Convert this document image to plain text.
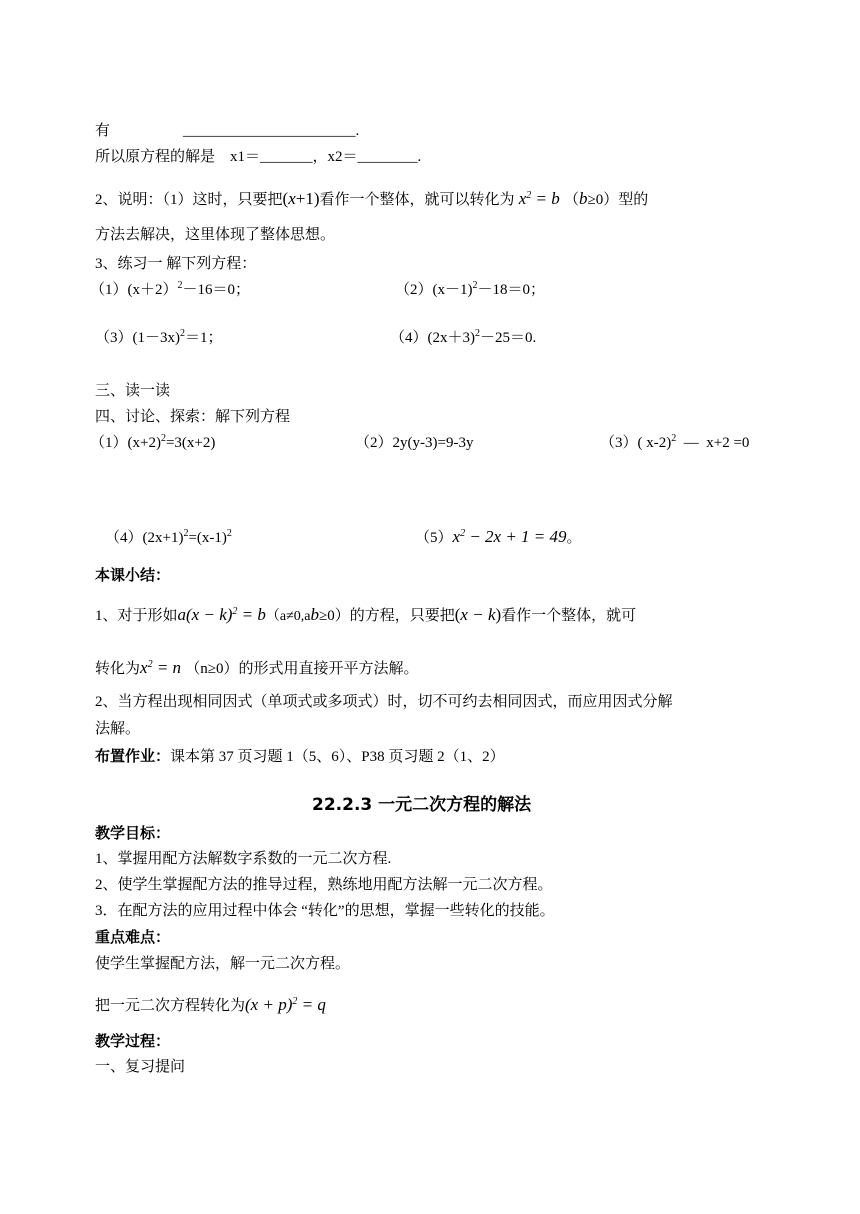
有	_______________________.
所以原方程的解是　x1＝_______，x2＝________.
2、说明：（1）这时，只要把(x+1)看作一个整体，就可以转化为 $x^2 = b$ （b≥0）型的
方法去解决，这里体现了整体思想。
3、练习一 解下列方程：
（1）(x＋2）$^2$－16＝0；	$(2)(x-1)^2-18=0$；
$(3)(1-3x)^2=1$；	$(4)(2x+3)^2-25=0$.
三、读一读
四、讨论、探索：解下列方程
$(1)(x+2)^2=3(x+2)$	（2）2y(y-3)=9-3y	（3）( x-2)$^2$  —  x+2 =0
$(4)(2x+1)^2=(x-1)^2$	$(5)x^2 - 2x + 1 = 49$。
本课小结：
1、对于形如$a(x - k)^2 = b(a\ne 0,ab\ge 0)$的方程，只要把(x − k)看作一个整体，就可
转化为$x^2 = n$ （n≥0）的形式用直接开平方法解。
2、当方程出现相同因式（单项式或多项式）时，切不可约去相同因式，而应用因式分解
法解。
布置作业：课本第 37 页习题 1（5、6）、P38 页习题 2（1、2）
22.2.3 一元二次方程的解法
教学目标：
1、掌握用配方法解数字系数的一元二次方程.
2、使学生掌握配方法的推导过程，熟练地用配方法解一元二次方程。
3．在配方法的应用过程中体会 “转化”的思想，掌握一些转化的技能。
重点难点：
使学生掌握配方法，解一元二次方程。
把一元二次方程转化为$(x + p)^2 = q$
教学过程：
一、复习提问
